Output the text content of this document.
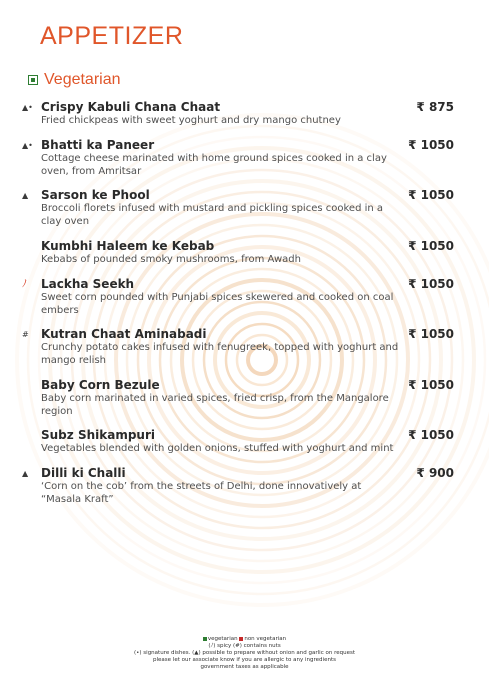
APPETIZER
Vegetarian
▲• Crispy Kabuli Chana Chaat
Fried chickpeas with sweet yoghurt and dry mango chutney
₹ 875
▲• Bhatti ka Paneer
Cottage cheese marinated with home ground spices cooked in a clay oven, from Amritsar
₹ 1050
▲	Sarson ke Phool
Broccoli florets infused with mustard and pickling spices cooked in a clay oven
₹ 1050
Kumbhi Haleem ke Kebab
Kebabs of pounded smoky mushrooms, from Awadh
₹ 1050
ﾉ	Lackha Seekh
Sweet corn pounded with Punjabi spices skewered and cooked on coal embers
₹ 1050
#	Kutran Chaat Aminabadi
Crunchy potato cakes infused with fenugreek, topped with yoghurt and mango relish
₹ 1050
Baby Corn Bezule
Baby corn marinated in varied spices, fried crisp, from the Mangalore region
₹ 1050
Subz Shikampuri
Vegetables blended with golden onions, stuffed with yoghurt and mint
₹ 1050
▲	Dilli ki Challi
‘Corn on the cob’ from the streets of Delhi, done innovatively at “Masala Kraft”
₹ 900
vegetarian non vegetarian
(ﾉ) spicy (#) contains nuts
(•) signature dishes. (▲) possible to prepare without onion and garlic on request
please let our associate know if you are allergic to any ingredients
government taxes as applicable
